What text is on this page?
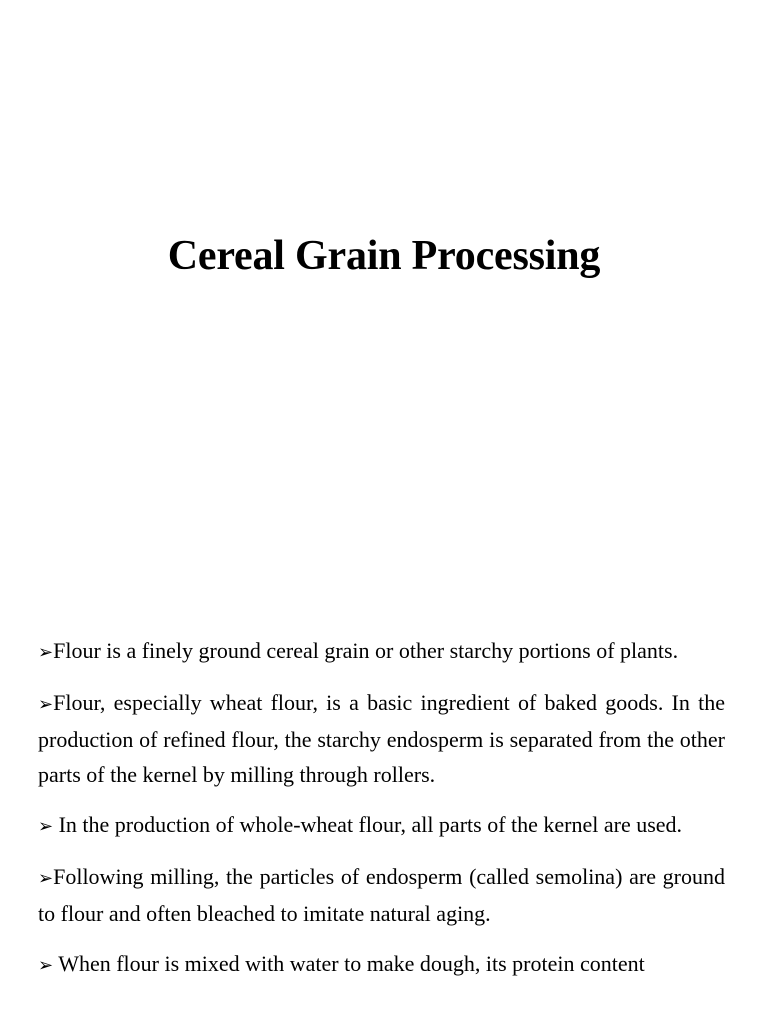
Cereal Grain Processing

➢Flour is a finely ground cereal grain or other starchy portions of plants.

➢Flour, especially wheat flour, is a basic ingredient of baked goods. In the production of refined flour, the starchy endosperm is separated from the other parts of the kernel by milling through rollers.

➢ In the production of whole-wheat flour, all parts of the kernel are used.

➢Following milling, the particles of endosperm (called semolina) are ground to flour and often bleached to imitate natural aging.

➢ When flour is mixed with water to make dough, its protein content
